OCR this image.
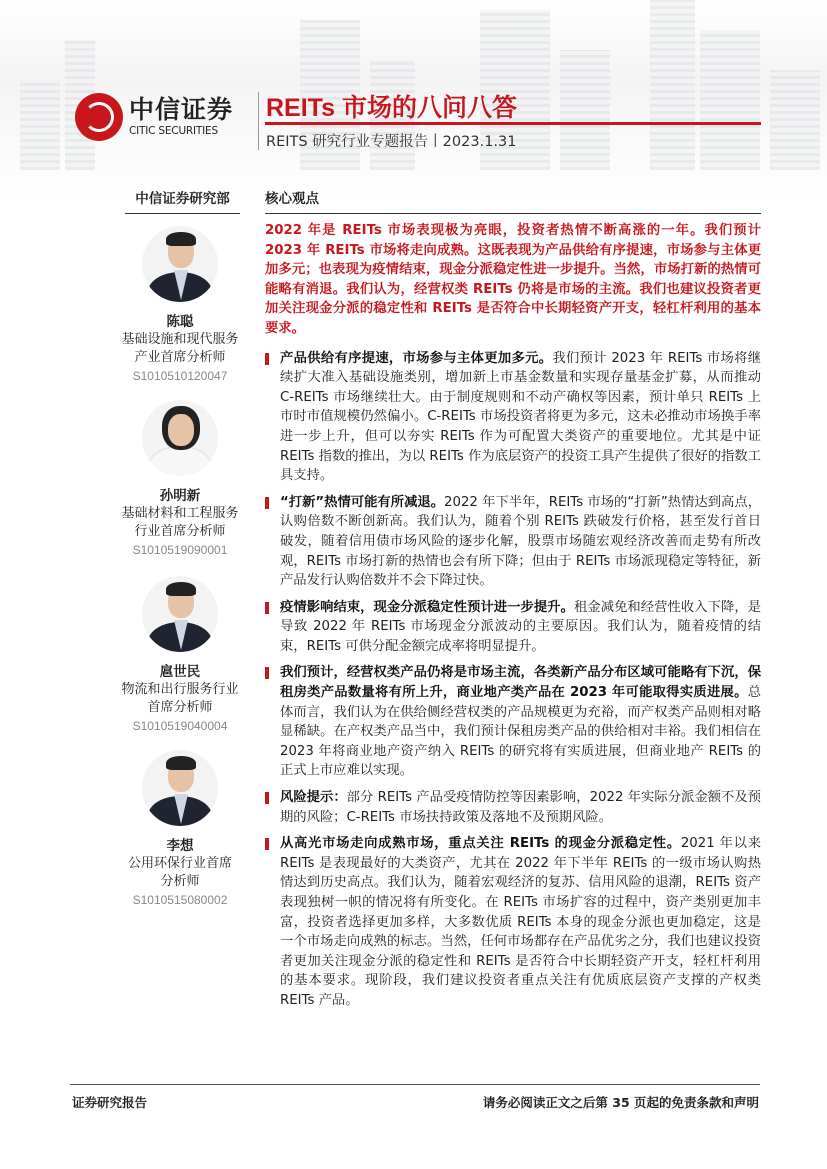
中信证券
CITIC SECURITIES
REITs 市场的八问八答
REITS 研究行业专题报告丨2023.1.31
中信证券研究部	核心观点
陈聪
基础设施和现代服务产业首席分析师
S1010510120047
孙明新
基础材料和工程服务行业首席分析师
S1010519090001
扈世民
物流和出行服务行业首席分析师
S1010519040004
李想
公用环保行业首席分析师
S1010515080002

2022 年是 REITs 市场表现极为亮眼，投资者热情不断高涨的一年。我们预计 2023 年 REITs 市场将走向成熟。这既表现为产品供给有序提速，市场参与主体更加多元；也表现为疫情结束，现金分派稳定性进一步提升。当然，市场打新的热情可能略有消退。我们认为，经营权类 REITs 仍将是市场的主流。我们也建议投资者更加关注现金分派的稳定性和 REITs 是否符合中长期轻资产开支，轻杠杆利用的基本要求。

产品供给有序提速，市场参与主体更加多元。我们预计 2023 年 REITs 市场将继续扩大准入基础设施类别，增加新上市基金数量和实现存量基金扩募，从而推动 C-REITs 市场继续壮大。由于制度规则和不动产确权等因素，预计单只 REITs 上市时市值规模仍然偏小。C-REITs 市场投资者将更为多元，这未必推动市场换手率进一步上升，但可以夯实 REITs 作为可配置大类资产的重要地位。尤其是中证 REITs 指数的推出，为以 REITs 作为底层资产的投资工具产生提供了很好的指数工具支持。
“打新”热情可能有所减退。2022 年下半年，REITs 市场的“打新”热情达到高点，认购倍数不断创新高。我们认为，随着个别 REITs 跌破发行价格，甚至发行首日破发，随着信用债市场风险的逐步化解，股票市场随宏观经济改善而走势有所改观，REITs 市场打新的热情也会有所下降；但由于 REITs 市场派现稳定等特征，新产品发行认购倍数并不会下降过快。
疫情影响结束，现金分派稳定性预计进一步提升。租金减免和经营性收入下降，是导致 2022 年 REITs 市场现金分派波动的主要原因。我们认为，随着疫情的结束，REITs 可供分配金额完成率将明显提升。
我们预计，经营权类产品仍将是市场主流，各类新产品分布区域可能略有下沉，保租房类产品数量将有所上升，商业地产类产品在 2023 年可能取得实质进展。总体而言，我们认为在供给侧经营权类的产品规模更为充裕，而产权类产品则相对略显稀缺。在产权类产品当中，我们预计保租房类产品的供给相对丰裕。我们相信在 2023 年将商业地产资产纳入 REITs 的研究将有实质进展，但商业地产 REITs 的正式上市应难以实现。
风险提示：部分 REITs 产品受疫情防控等因素影响，2022 年实际分派金额不及预期的风险；C-REITs 市场扶持政策及落地不及预期风险。
从高光市场走向成熟市场，重点关注 REITs 的现金分派稳定性。2021 年以来 REITs 是表现最好的大类资产，尤其在 2022 年下半年 REITs 的一级市场认购热情达到历史高点。我们认为，随着宏观经济的复苏、信用风险的退潮，REITs 资产表现独树一帜的情况将有所变化。在 REITs 市场扩容的过程中，资产类别更加丰富，投资者选择更加多样，大多数优质 REITs 本身的现金分派也更加稳定，这是一个市场走向成熟的标志。当然，任何市场都存在产品优劣之分，我们也建议投资者更加关注现金分派的稳定性和 REITs 是否符合中长期轻资产开支，轻杠杆利用的基本要求。现阶段，我们建议投资者重点关注有优质底层资产支撑的产权类 REITs 产品。
证券研究报告	请务必阅读正文之后第 35 页起的免责条款和声明
